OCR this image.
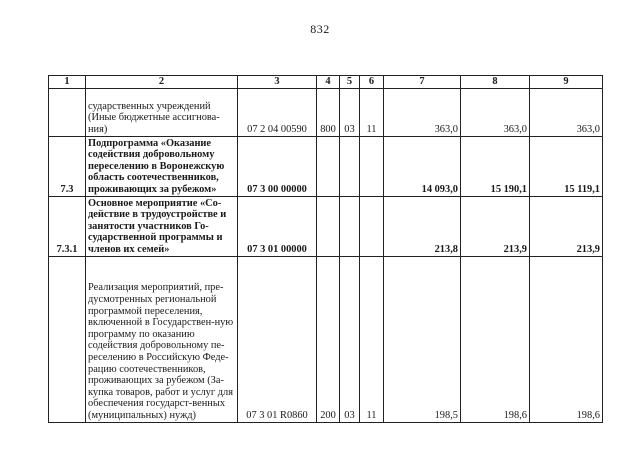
832
1	2	3	4	5	6	7	8	9
	сударственных учреждений (Иные бюджетные ассигнова-ния)	07 2 04 00590	800	03	11	363,0	363,0	363,0
7.3	Подпрограмма «Оказание содействия добровольному переселению в Воронежскую область соотечественников, проживающих за рубежом»	07 3 00 00000				14 093,0	15 190,1	15 119,1
7.3.1	Основное мероприятие «Со-действие в трудоустройстве и занятости участников Го-сударственной программы и членов их семей»	07 3 01 00000				213,8	213,9	213,9
	Реализация мероприятий, пре-дусмотренных региональной программой переселения, включенной в Государствен-ную программу по оказанию содействия добровольному пе-реселению в Российскую Феде-рацию соотечественников, проживающих за рубежом (За-купка товаров, работ и услуг для обеспечения государст-венных (муниципальных) нужд)	07 3 01 R0860	200	03	11	198,5	198,6	198,6
